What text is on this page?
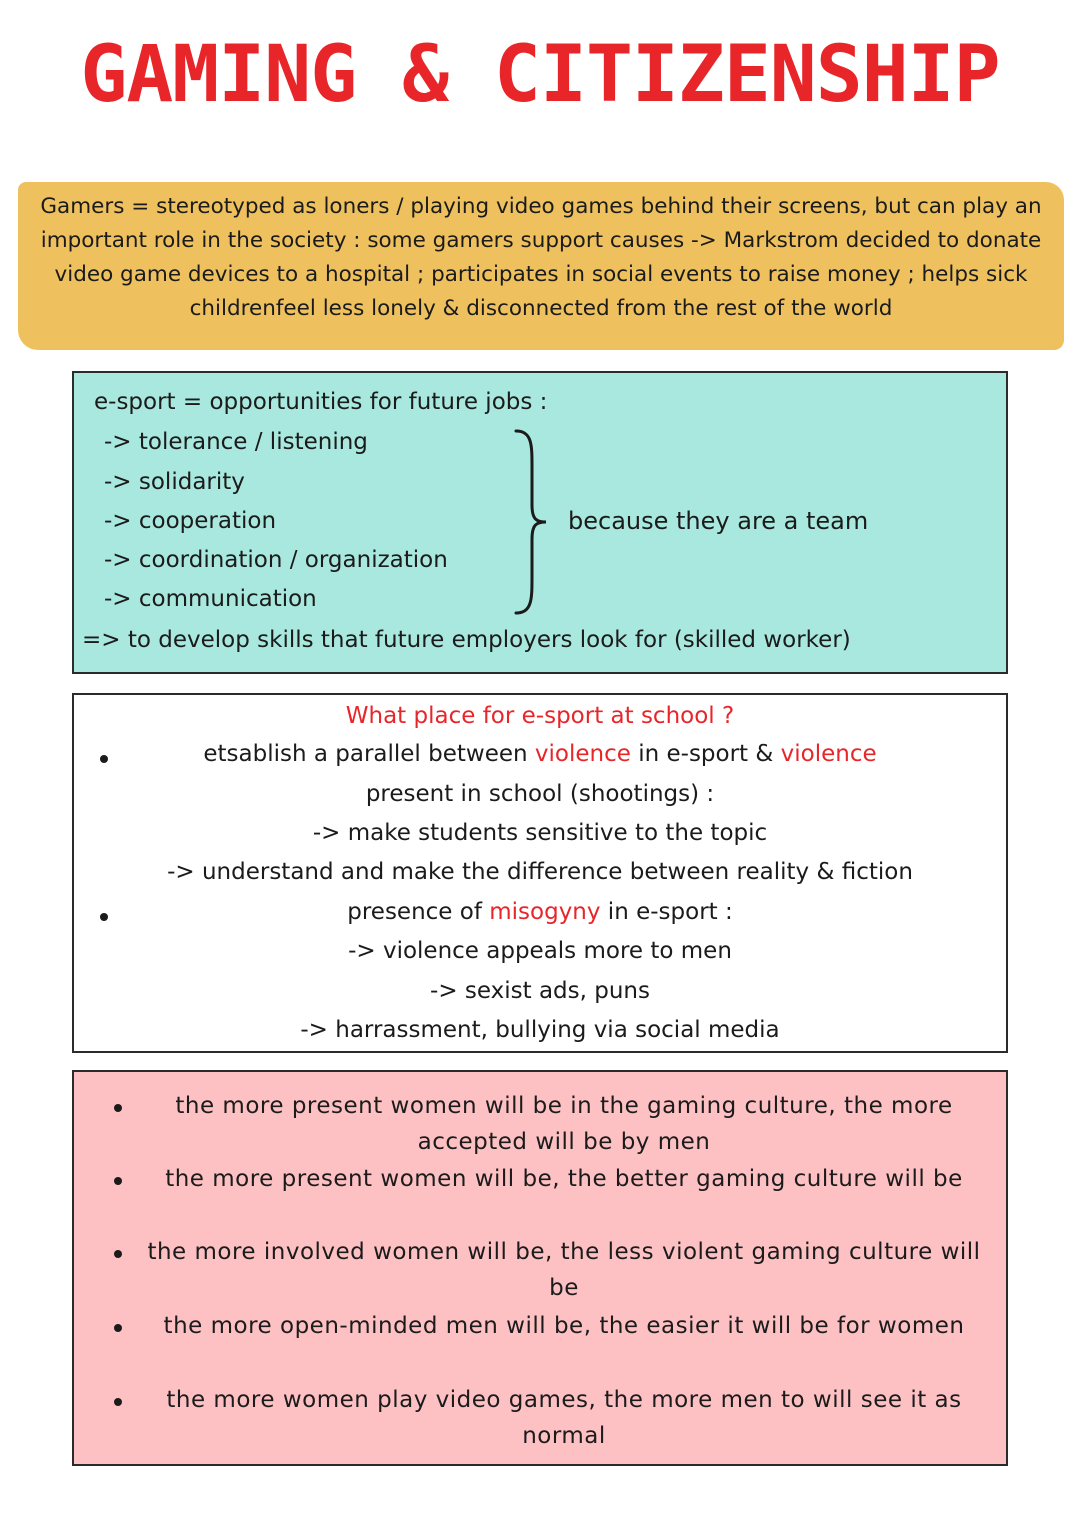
GAMING & CITIZENSHIP
Gamers = stereotyped as loners / playing video games behind their screens, but can play an important role in the society : some gamers support causes -> Markstrom decided to donate video game devices to a hospital ; participates in social events to raise money ; helps sick childrenfeel less lonely & disconnected from the rest of the world
e-sport = opportunities for future jobs :
-> tolerance / listening
-> solidarity
-> cooperation
-> coordination / organization
-> communication
because they are a team
=> to develop skills that future employers look for (skilled worker)
What place for e-sport at school ?
etsablish a parallel between violence in e-sport & violence
present in school (shootings) :
-> make students sensitive to the topic
-> understand and make the difference between reality & fiction
presence of misogyny in e-sport :
-> violence appeals more to men
-> sexist ads, puns
-> harrassment, bullying via social media
the more present women will be in the gaming culture, the more accepted will be by men
the more present women will be, the better gaming culture will be
the more involved women will be, the less violent gaming culture will be
the more open-minded men will be, the easier it will be for women
the more women play video games, the more men to will see it as normal
